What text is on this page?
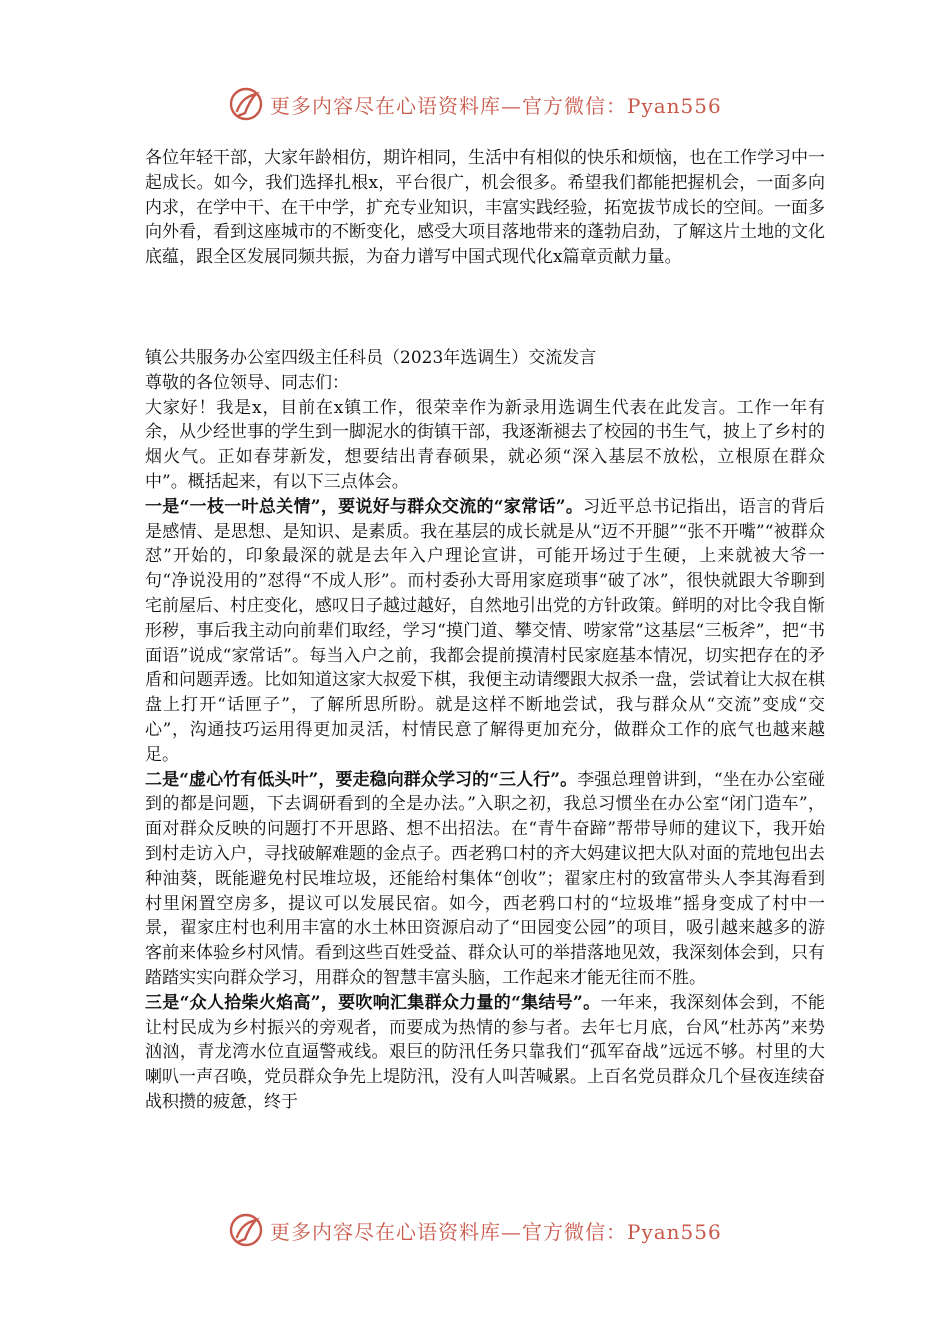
更多内容尽在心语资料库—官方微信：Pyan556

各位年轻干部，大家年龄相仿，期许相同，生活中有相似的快乐和烦恼，也在工作学习中一起成长。如今，我们选择扎根x，平台很广，机会很多。希望我们都能把握机会，一面多向内求，在学中干、在干中学，扩充专业知识，丰富实践经验，拓宽拔节成长的空间。一面多向外看，看到这座城市的不断变化，感受大项目落地带来的蓬勃启劲，了解这片土地的文化底蕴，跟全区发展同频共振，为奋力谱写中国式现代化x篇章贡献力量。

镇公共服务办公室四级主任科员（2023年选调生）交流发言

尊敬的各位领导、同志们：

大家好！我是x，目前在x镇工作，很荣幸作为新录用选调生代表在此发言。工作一年有余，从少经世事的学生到一脚泥水的街镇干部，我逐渐褪去了校园的书生气，披上了乡村的烟火气。正如春芽新发，想要结出青春硕果，就必须“深入基层不放松，立根原在群众中”。概括起来，有以下三点体会。

一是“一枝一叶总关情”，要说好与群众交流的“家常话”。习近平总书记指出，语言的背后是感情、是思想、是知识、是素质。我在基层的成长就是从“迈不开腿”“张不开嘴”“被群众怼”开始的，印象最深的就是去年入户理论宣讲，可能开场过于生硬，上来就被大爷一句“净说没用的”怼得“不成人形”。而村委孙大哥用家庭琐事“破了冰”，很快就跟大爷聊到宅前屋后、村庄变化，感叹日子越过越好，自然地引出党的方针政策。鲜明的对比令我自惭形秽，事后我主动向前辈们取经，学习“摸门道、攀交情、唠家常”这基层“三板斧”，把“书面语”说成“家常话”。每当入户之前，我都会提前摸清村民家庭基本情况，切实把存在的矛盾和问题弄透。比如知道这家大叔爱下棋，我便主动请缨跟大叔杀一盘，尝试着让大叔在棋盘上打开“话匣子”，了解所思所盼。就是这样不断地尝试，我与群众从“交流”变成“交心”，沟通技巧运用得更加灵活，村情民意了解得更加充分，做群众工作的底气也越来越足。

二是“虚心竹有低头叶”，要走稳向群众学习的“三人行”。李强总理曾讲到，“坐在办公室碰到的都是问题，下去调研看到的全是办法。”入职之初，我总习惯坐在办公室“闭门造车”，面对群众反映的问题打不开思路、想不出招法。在“青牛奋蹄”帮带导师的建议下，我开始到村走访入户，寻找破解难题的金点子。西老鸦口村的齐大妈建议把大队对面的荒地包出去种油葵，既能避免村民堆垃圾，还能给村集体“创收”；翟家庄村的致富带头人李其海看到村里闲置空房多，提议可以发展民宿。如今，西老鸦口村的“垃圾堆”摇身变成了村中一景，翟家庄村也利用丰富的水土林田资源启动了“田园变公园”的项目，吸引越来越多的游客前来体验乡村风情。看到这些百姓受益、群众认可的举措落地见效，我深刻体会到，只有踏踏实实向群众学习，用群众的智慧丰富头脑，工作起来才能无往而不胜。

三是“众人拾柴火焰高”，要吹响汇集群众力量的“集结号”。一年来，我深刻体会到，不能让村民成为乡村振兴的旁观者，而要成为热情的参与者。去年七月底，台风“杜苏芮”来势汹汹，青龙湾水位直逼警戒线。艰巨的防汛任务只靠我们“孤军奋战”远远不够。村里的大喇叭一声召唤，党员群众争先上堤防汛，没有人叫苦喊累。上百名党员群众几个昼夜连续奋战积攒的疲惫，终于

更多内容尽在心语资料库—官方微信：Pyan556
